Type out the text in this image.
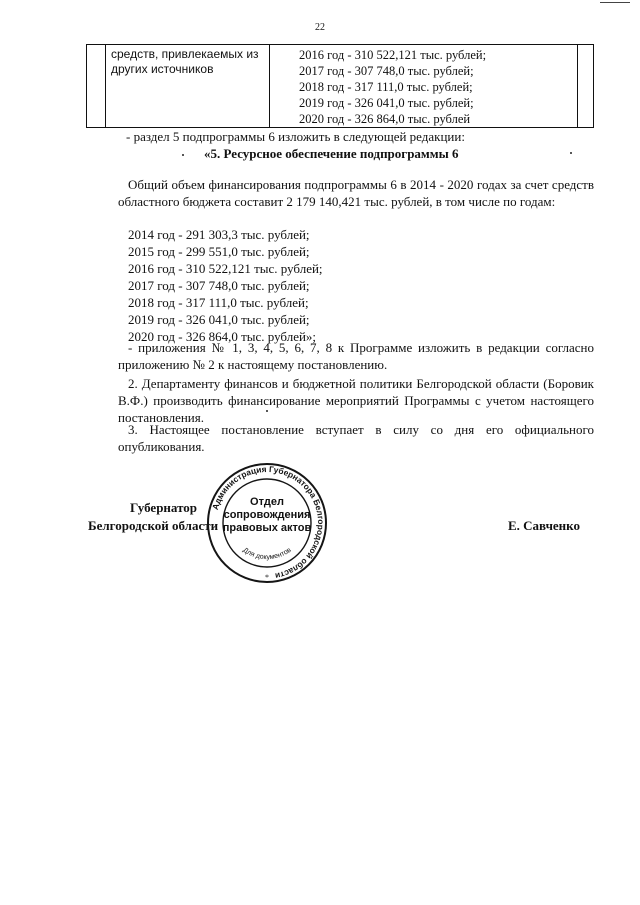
22
средств, привлекаемых из других источников
2016 год - 310 522,121 тыс. рублей;
2017 год - 307 748,0 тыс. рублей;
2018 год - 317 111,0 тыс. рублей;
2019 год - 326 041,0 тыс. рублей;
2020 год - 326 864,0 тыс. рублей
- раздел 5 подпрограммы 6 изложить в следующей редакции:
«5. Ресурсное обеспечение подпрограммы 6
Общий объем финансирования подпрограммы 6 в 2014 - 2020 годах за счет средств областного бюджета составит 2 179 140,421 тыс. рублей, в том числе по годам:
2014 год - 291 303,3 тыс. рублей;
2015 год - 299 551,0 тыс. рублей;
2016 год - 310 522,121 тыс. рублей;
2017 год - 307 748,0 тыс. рублей;
2018 год - 317 111,0 тыс. рублей;
2019 год - 326 041,0 тыс. рублей;
2020 год - 326 864,0 тыс. рублей»;
- приложения № 1, 3, 4, 5, 6, 7, 8 к Программе изложить в редакции согласно приложению № 2 к настоящему постановлению.
2. Департаменту финансов и бюджетной политики Белгородской области (Боровик В.Ф.) производить финансирование мероприятий Программы с учетом настоящего постановления.
3. Настоящее постановление вступает в силу со дня его официального опубликования.
Губернатор
Белгородской области	Е. Савченко
Администрация Губернатора Белгородской области
Для документов
*
Отдел сопровождения правовых актов
